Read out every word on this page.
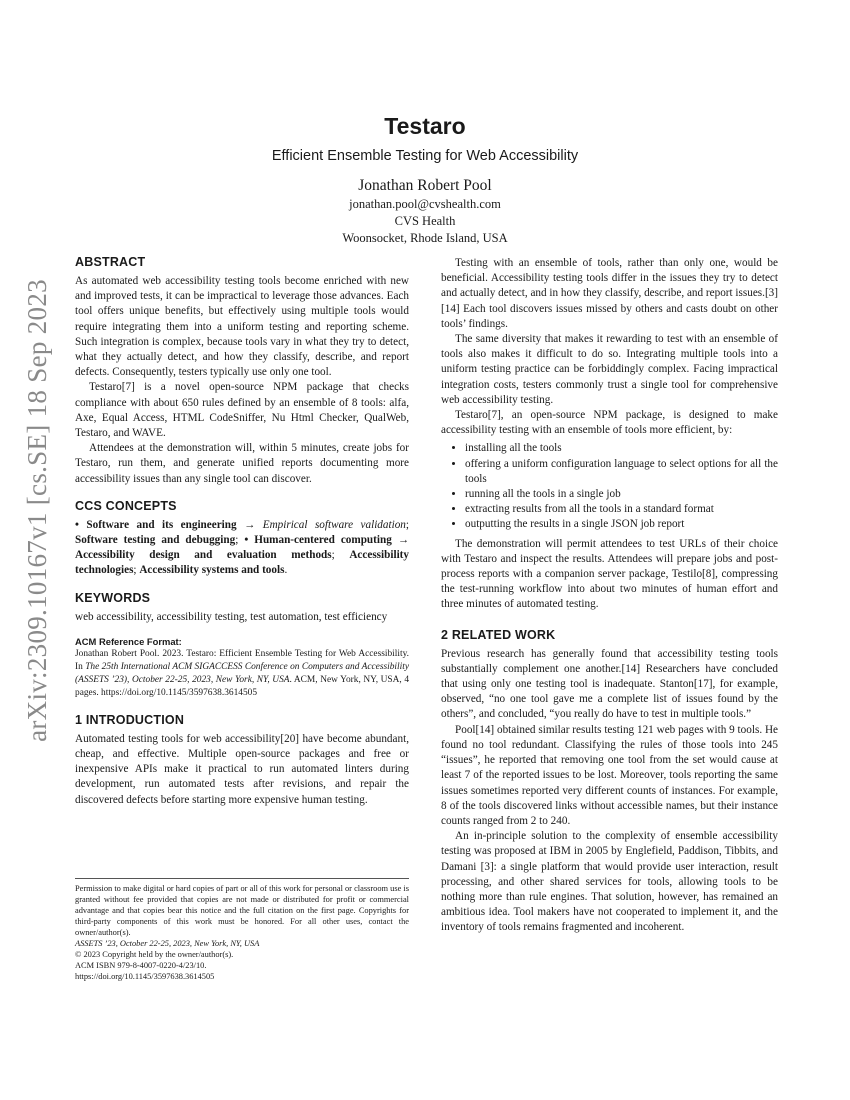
arXiv:2309.10167v1 [cs.SE] 18 Sep 2023
Testaro
Efficient Ensemble Testing for Web Accessibility
Jonathan Robert Pool
jonathan.pool@cvshealth.com
CVS Health
Woonsocket, Rhode Island, USA
ABSTRACT

As automated web accessibility testing tools become enriched with new and improved tests, it can be impractical to leverage those advances. Each tool offers unique benefits, but effectively using multiple tools would require integrating them into a uniform testing and reporting scheme. Such integration is complex, because tools vary in what they try to detect, what they actually detect, and how they classify, describe, and report defects. Consequently, testers typically use only one tool.

Testaro[7] is a novel open-source NPM package that checks compliance with about 650 rules defined by an ensemble of 8 tools: alfa, Axe, Equal Access, HTML CodeSniffer, Nu Html Checker, QualWeb, Testaro, and WAVE.

Attendees at the demonstration will, within 5 minutes, create jobs for Testaro, run them, and generate unified reports documenting more accessibility issues than any single tool can discover.

CCS CONCEPTS

• Software and its engineering → Empirical software validation; Software testing and debugging; • Human-centered computing → Accessibility design and evaluation methods; Accessibility technologies; Accessibility systems and tools.

KEYWORDS

web accessibility, accessibility testing, test automation, test efficiency

ACM Reference Format:
Jonathan Robert Pool. 2023. Testaro: Efficient Ensemble Testing for Web Accessibility. In The 25th International ACM SIGACCESS Conference on Computers and Accessibility (ASSETS ’23), October 22-25, 2023, New York, NY, USA. ACM, New York, NY, USA, 4 pages. https://doi.org/10.1145/3597638.3614505
1 INTRODUCTION

Automated testing tools for web accessibility[20] have become abundant, cheap, and effective. Multiple open-source packages and free or inexpensive APIs make it practical to run automated linters during development, run automated tests after revisions, and repair the discovered defects before starting more expensive human testing.

Permission to make digital or hard copies of part or all of this work for personal or classroom use is granted without fee provided that copies are not made or distributed for profit or commercial advantage and that copies bear this notice and the full citation on the first page. Copyrights for third-party components of this work must be honored. For all other uses, contact the owner/author(s).
ASSETS ’23, October 22-25, 2023, New York, NY, USA
© 2023 Copyright held by the owner/author(s).
ACM ISBN 979-8-4007-0220-4/23/10.
https://doi.org/10.1145/3597638.3614505

Testing with an ensemble of tools, rather than only one, would be beneficial. Accessibility testing tools differ in the issues they try to detect and actually detect, and in how they classify, describe, and report issues.[3][14] Each tool discovers issues missed by others and casts doubt on other tools’ findings.

The same diversity that makes it rewarding to test with an ensemble of tools also makes it difficult to do so. Integrating multiple tools into a uniform testing practice can be forbiddingly complex. Facing impractical integration costs, testers commonly trust a single tool for comprehensive web accessibility testing.

Testaro[7], an open-source NPM package, is designed to make accessibility testing with an ensemble of tools more efficient, by:

• installing all the tools
• offering a uniform configuration language to select options for all the tools
• running all the tools in a single job
• extracting results from all the tools in a standard format
• outputting the results in a single JSON job report

The demonstration will permit attendees to test URLs of their choice with Testaro and inspect the results. Attendees will prepare jobs and post-process reports with a companion server package, Testilo[8], compressing the test-running workflow into about two minutes of human effort and three minutes of automated testing.

2 RELATED WORK

Previous research has generally found that accessibility testing tools substantially complement one another.[14] Researchers have concluded that using only one testing tool is inadequate. Stanton[17], for example, observed, “no one tool gave me a complete list of issues found by the others”, and concluded, “you really do have to test in multiple tools.”

Pool[14] obtained similar results testing 121 web pages with 9 tools. He found no tool redundant. Classifying the rules of those tools into 245 “issues”, he reported that removing one tool from the set would cause at least 7 of the reported issues to be lost. Moreover, tools reporting the same issues sometimes reported very different counts of instances. For example, 8 of the tools discovered links without accessible names, but their instance counts ranged from 2 to 240.

An in-principle solution to the complexity of ensemble accessibility testing was proposed at IBM in 2005 by Englefield, Paddison, Tibbits, and Damani [3]: a single platform that would provide user interaction, result processing, and other shared services for tools, allowing tools to be nothing more than rule engines. That solution, however, has remained an ambitious idea. Tool makers have not cooperated to implement it, and the inventory of tools remains fragmented and incoherent.
